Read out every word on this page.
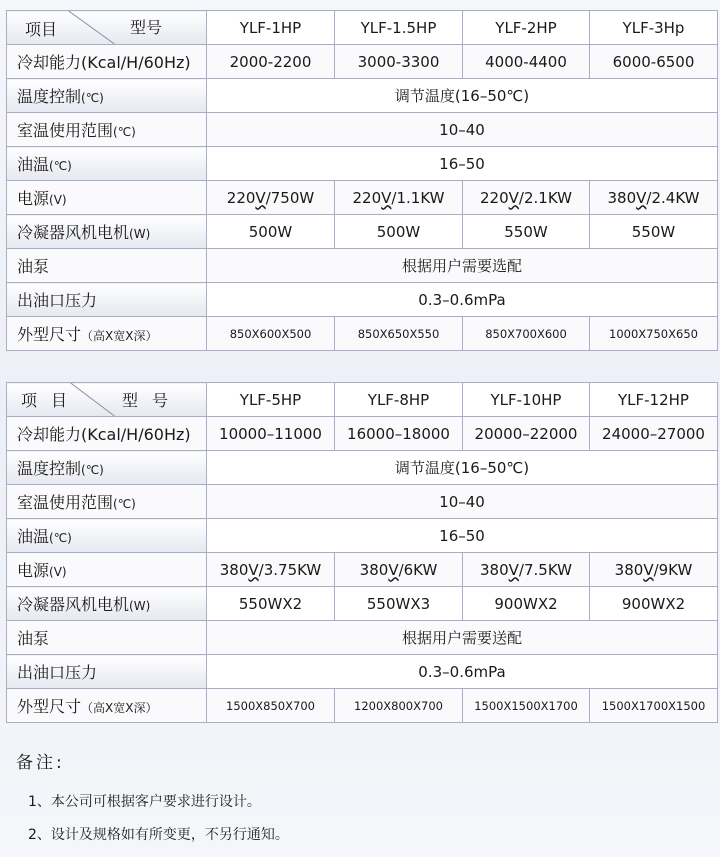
项目 型号	YLF-1HP	YLF-1.5HP	YLF-2HP	YLF-3Hp
冷却能力(Kcal/H/60Hz)	2000-2200	3000-3300	4000-4400	6000-6500
温度控制(℃)	调节温度(16–50℃)			
室温使用范围(℃)	10–40			
油温(℃)	16–50			
电源(V)	220V/750W	220V/1.1KW	220V/2.1KW	380V/2.4KW
冷凝器风机电机(W)	500W	500W	550W	550W
油泵	根据用户需要选配			
出油口压力	0.3–0.6mPa			
外型尺寸（高X宽X深）	850X600X500	850X650X550	850X700X600	1000X750X650
项目 型号	YLF-5HP	YLF-8HP	YLF-10HP	YLF-12HP
冷却能力(Kcal/H/60Hz)	10000–11000	16000–18000	20000–22000	24000–27000
温度控制(℃)	调节温度(16–50℃)			
室温使用范围(℃)	10–40			
油温(℃)	16–50			
电源(V)	380V/3.75KW	380V/6KW	380V/7.5KW	380V/9KW
冷凝器风机电机(W)	550WX2	550WX3	900WX2	900WX2
油泵	根据用户需要送配			
出油口压力	0.3–0.6mPa			
外型尺寸（高X宽X深）	1500X850X700	1200X800X700	1500X1500X1700	1500X1700X1500
备注:
1、本公司可根据客户要求进行设计。
2、设计及规格如有所变更，不另行通知。
